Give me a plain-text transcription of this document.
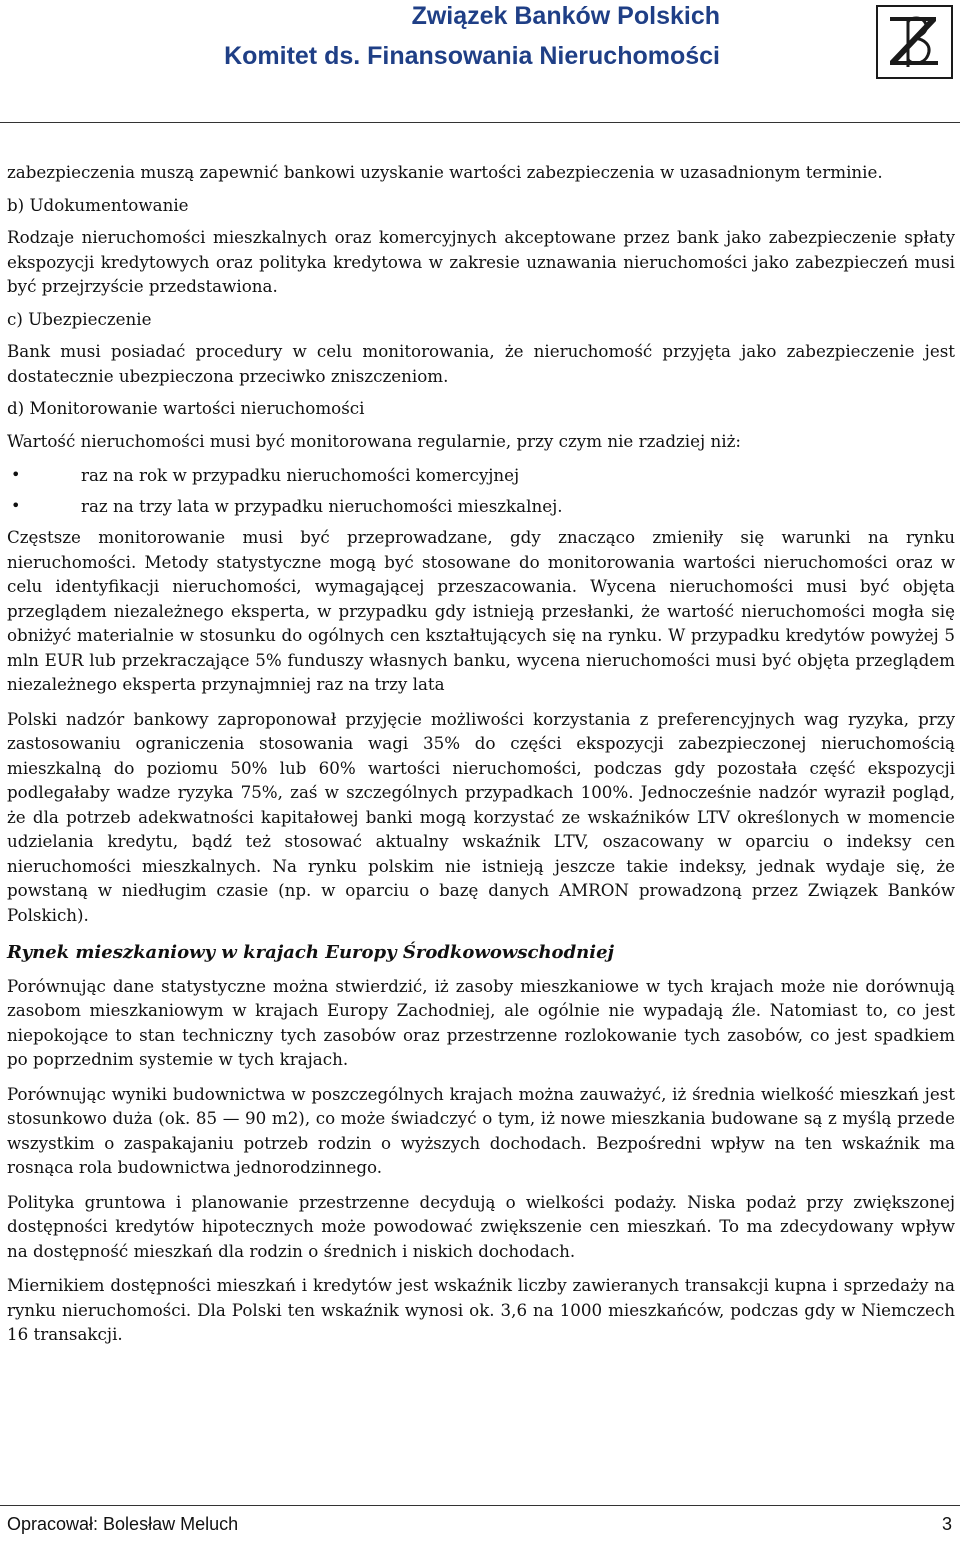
Związek Banków Polskich
Komitet ds. Finansowania Nieruchomości

zabezpieczenia muszą zapewnić bankowi uzyskanie wartości zabezpieczenia w uzasadnionym terminie.

b) Udokumentowanie

Rodzaje nieruchomości mieszkalnych oraz komercyjnych akceptowane przez bank jako zabezpieczenie spłaty ekspozycji kredytowych oraz polityka kredytowa w zakresie uznawania nieruchomości jako zabezpieczeń musi być przejrzyście przedstawiona.

c) Ubezpieczenie

Bank musi posiadać procedury w celu monitorowania, że nieruchomość przyjęta jako zabezpieczenie jest dostatecznie ubezpieczona przeciwko zniszczeniom.

d) Monitorowanie wartości nieruchomości

Wartość nieruchomości musi być monitorowana regularnie, przy czym nie rzadziej niż:

•	raz na rok w przypadku nieruchomości komercyjnej
•	raz na trzy lata w przypadku nieruchomości mieszkalnej.

Częstsze monitorowanie musi być przeprowadzane, gdy znacząco zmieniły się warunki na rynku nieruchomości. Metody statystyczne mogą być stosowane do monitorowania wartości nieruchomości oraz w celu identyfikacji nieruchomości, wymagającej przeszacowania. Wycena nieruchomości musi być objęta przeglądem niezależnego eksperta, w przypadku gdy istnieją przesłanki, że wartość nieruchomości mogła się obniżyć materialnie w stosunku do ogólnych cen kształtujących się na rynku. W przypadku kredytów powyżej 5 mln EUR lub przekraczające 5% funduszy własnych banku, wycena nieruchomości musi być objęta przeglądem niezależnego eksperta przynajmniej raz na trzy lata

Polski nadzór bankowy zaproponował przyjęcie możliwości korzystania z preferencyjnych wag ryzyka, przy zastosowaniu ograniczenia stosowania wagi 35% do części ekspozycji zabezpieczonej nieruchomością mieszkalną do poziomu 50% lub 60% wartości nieruchomości, podczas gdy pozostała część ekspozycji podlegałaby wadze ryzyka 75%, zaś w szczególnych przypadkach 100%. Jednocześnie nadzór wyraził pogląd, że dla potrzeb adekwatności kapitałowej banki mogą korzystać ze wskaźników LTV określonych w momencie udzielania kredytu, bądź też stosować aktualny wskaźnik LTV, oszacowany w oparciu o indeksy cen nieruchomości mieszkalnych. Na rynku polskim nie istnieją jeszcze takie indeksy, jednak wydaje się, że powstaną w niedługim czasie (np. w oparciu o bazę danych AMRON prowadzoną przez Związek Banków Polskich).

Rynek mieszkaniowy w krajach Europy Środkowowschodniej

Porównując dane statystyczne można stwierdzić, iż zasoby mieszkaniowe w tych krajach może nie dorównują zasobom mieszkaniowym w krajach Europy Zachodniej, ale ogólnie nie wypadają źle. Natomiast to, co jest niepokojące to stan techniczny tych zasobów oraz przestrzenne rozlokowanie tych zasobów, co jest spadkiem po poprzednim systemie w tych krajach.

Porównując wyniki budownictwa w poszczególnych krajach można zauważyć, iż średnia wielkość mieszkań jest stosunkowo duża (ok. 85 — 90 m2), co może świadczyć o tym, iż nowe mieszkania budowane są z myślą przede wszystkim o zaspakajaniu potrzeb rodzin o wyższych dochodach. Bezpośredni wpływ na ten wskaźnik ma rosnąca rola budownictwa jednorodzinnego.

Polityka gruntowa i planowanie przestrzenne decydują o wielkości podaży. Niska podaż przy zwiększonej dostępności kredytów hipotecznych może powodować zwiększenie cen mieszkań. To ma zdecydowany wpływ na dostępność mieszkań dla rodzin o średnich i niskich dochodach.

Miernikiem dostępności mieszkań i kredytów jest wskaźnik liczby zawieranych transakcji kupna i sprzedaży na rynku nieruchomości. Dla Polski ten wskaźnik wynosi ok. 3,6 na 1000 mieszkańców, podczas gdy w Niemczech 16 transakcji.

Opracował: Bolesław Meluch	3
